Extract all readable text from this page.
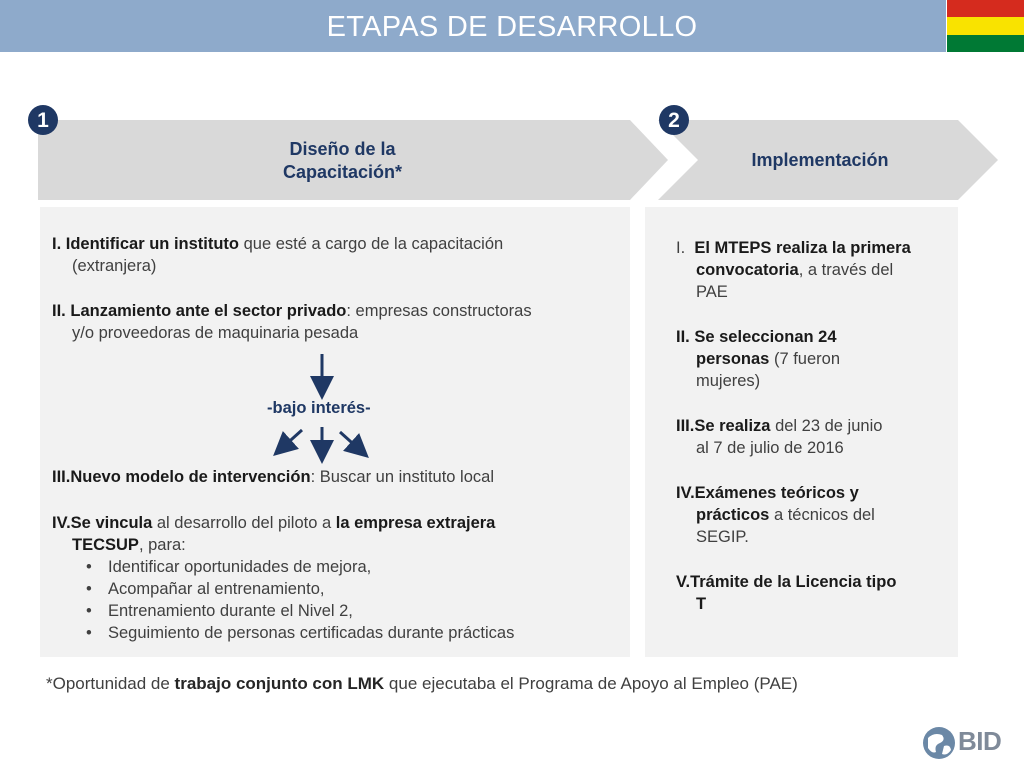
ETAPAS DE DESARROLLO
1	2
Diseño de la
Capacitación*
Implementación
I. Identificar un instituto que esté a cargo de la capacitación
(extranjera)
II. Lanzamiento ante el sector privado: empresas constructoras
y/o proveedoras de maquinaria pesada
-bajo interés-
III.Nuevo modelo de intervención: Buscar un instituto local
IV.Se vincula al desarrollo del piloto a la empresa extrajera
TECSUP, para:
• Identificar oportunidades de mejora,
• Acompañar al entrenamiento,
• Entrenamiento durante el Nivel 2,
• Seguimiento de personas certificadas durante prácticas
I. El MTEPS realiza la primera
convocatoria, a través del
PAE
II. Se seleccionan 24
personas (7 fueron
mujeres)
III.Se realiza del 23 de junio
al 7 de julio de 2016
IV.Exámenes teóricos y
prácticos a técnicos del
SEGIP.
V.Trámite de la Licencia tipo
T
*Oportunidad de trabajo conjunto con LMK que ejecutaba el Programa de Apoyo al Empleo (PAE)
BID
